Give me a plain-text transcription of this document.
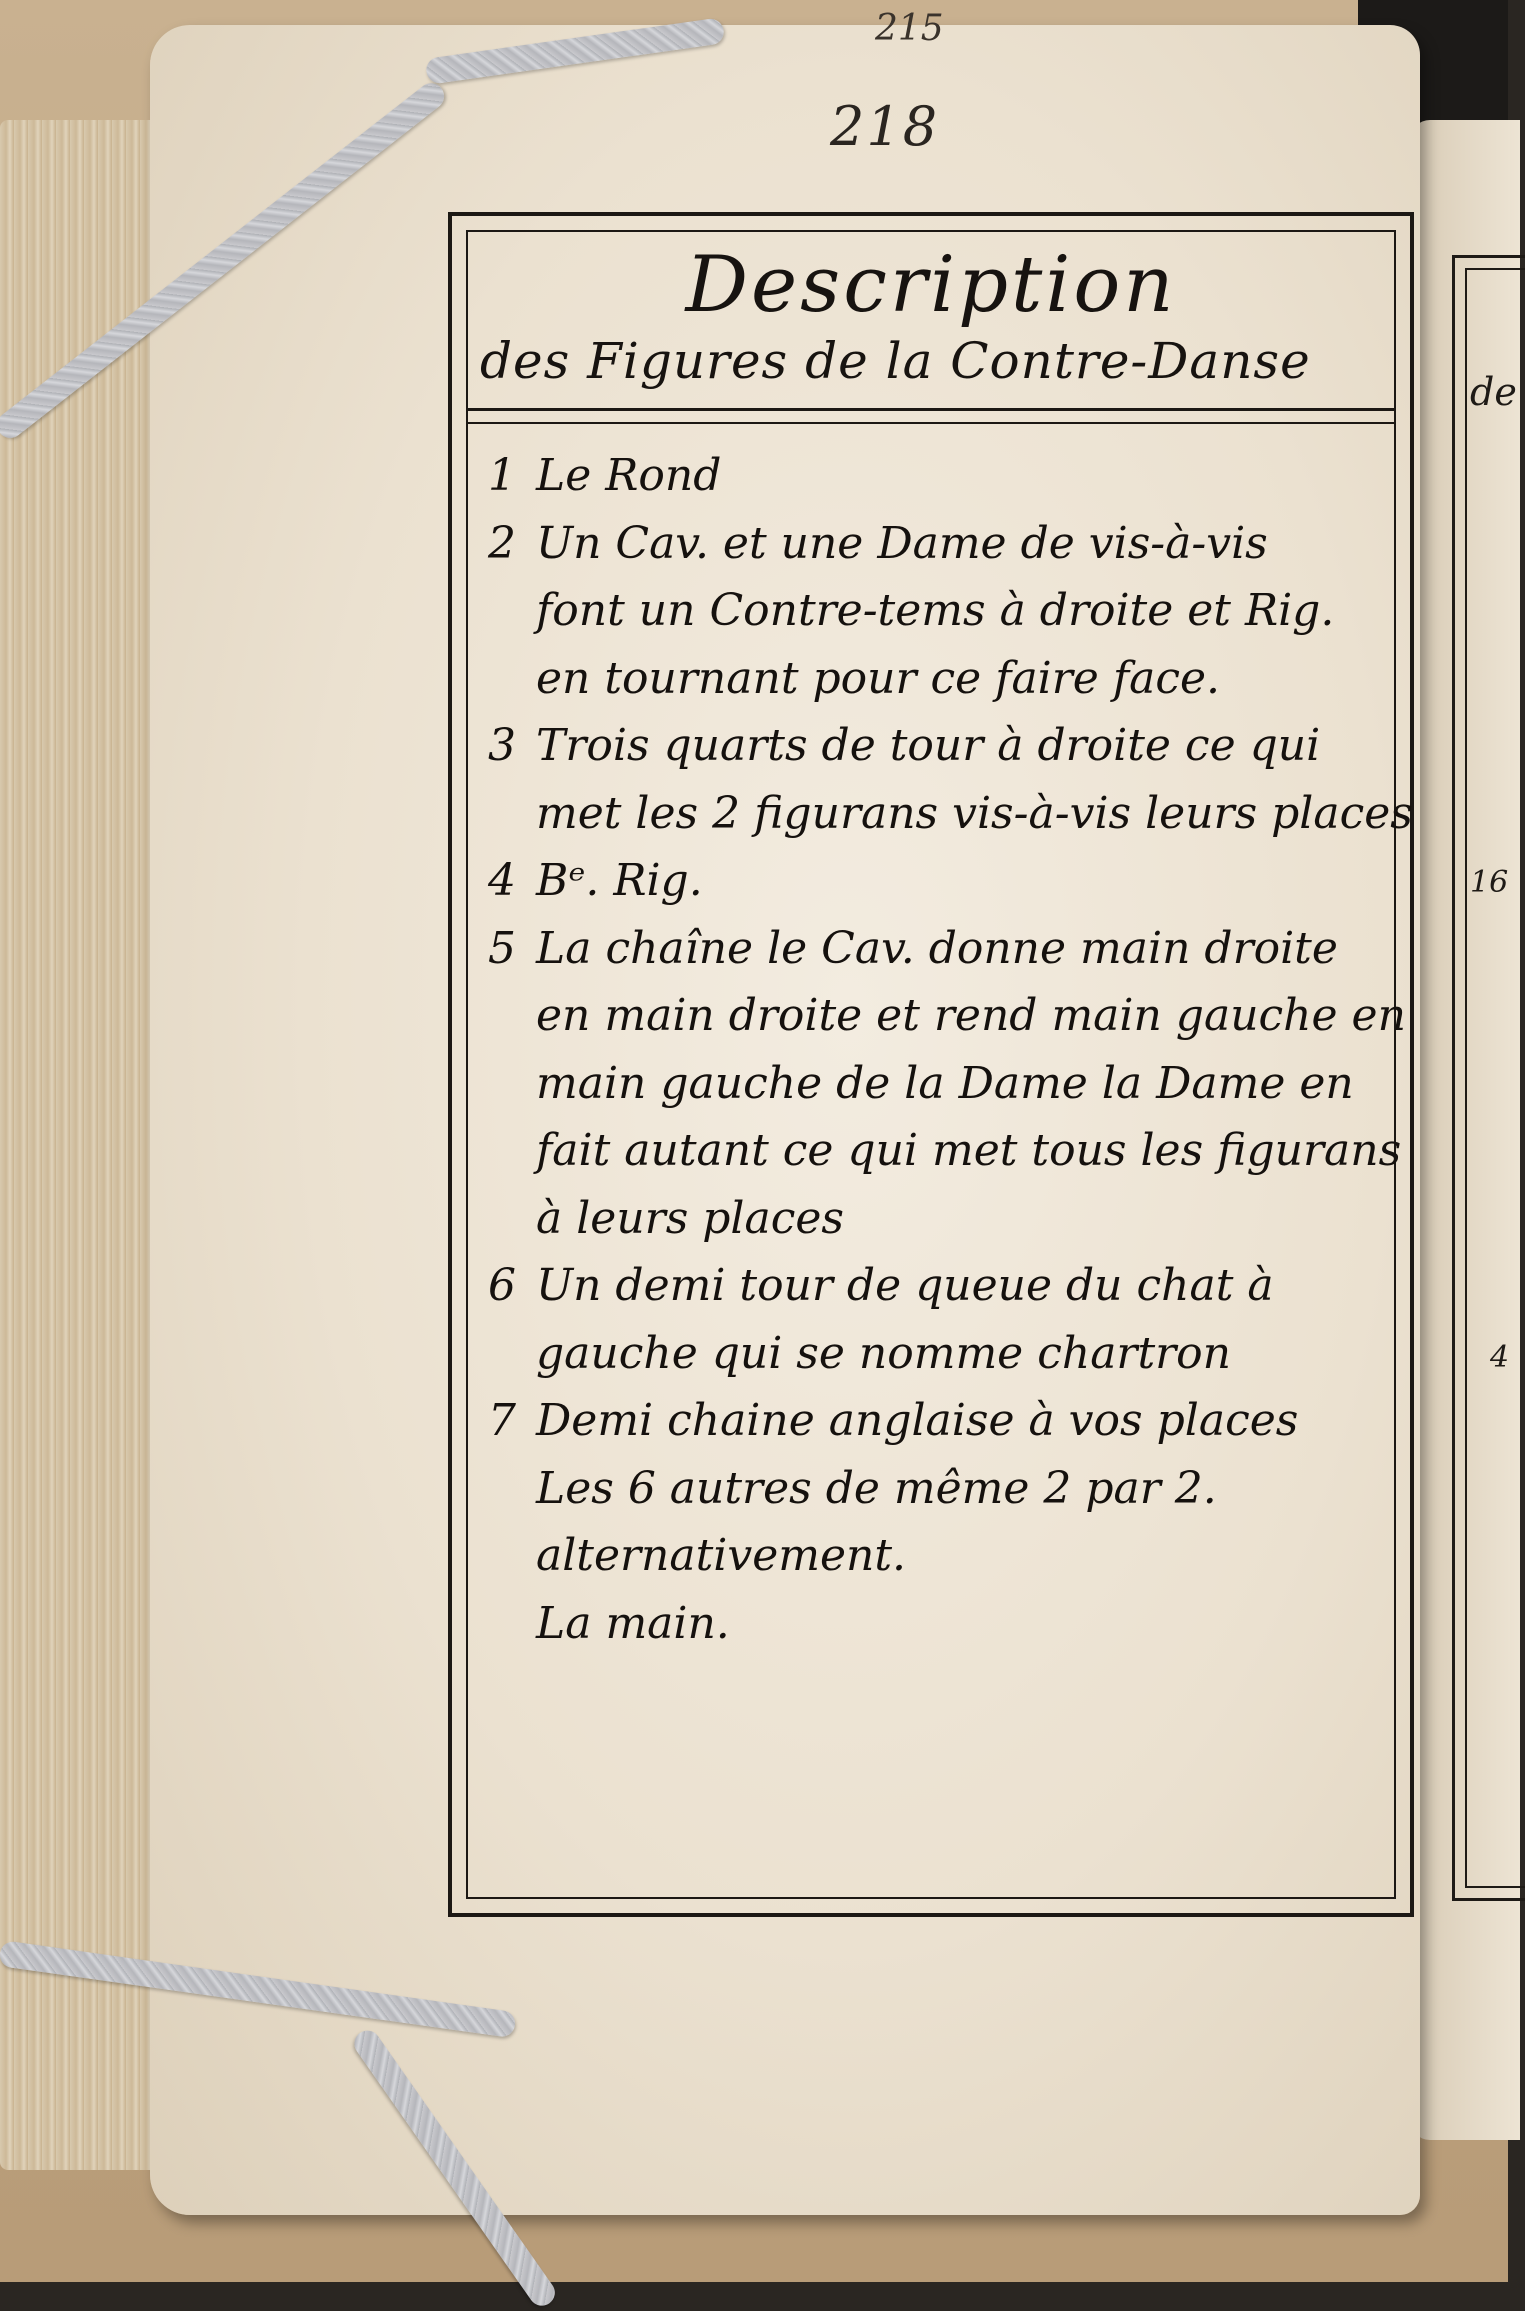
de
16
4
215
218
Description
des Figures de la Contre-Danse
1 Le Rond
2 Un Cav. et une Dame de vis-à-vis
font un Contre-tems à droite et Rig.
en tournant pour ce faire face.
3 Trois quarts de tour à droite ce qui
met les 2 figurans vis-à-vis leurs places
4 Bᵉ. Rig.
5 La chaîne le Cav. donne main droite
en main droite et rend main gauche en
main gauche de la Dame la Dame en
fait autant ce qui met tous les figurans
à leurs places
6 Un demi tour de queue du chat à
gauche qui se nomme chartron
7 Demi chaine anglaise à vos places
Les 6 autres de même 2 par 2.
alternativement.
La main.
